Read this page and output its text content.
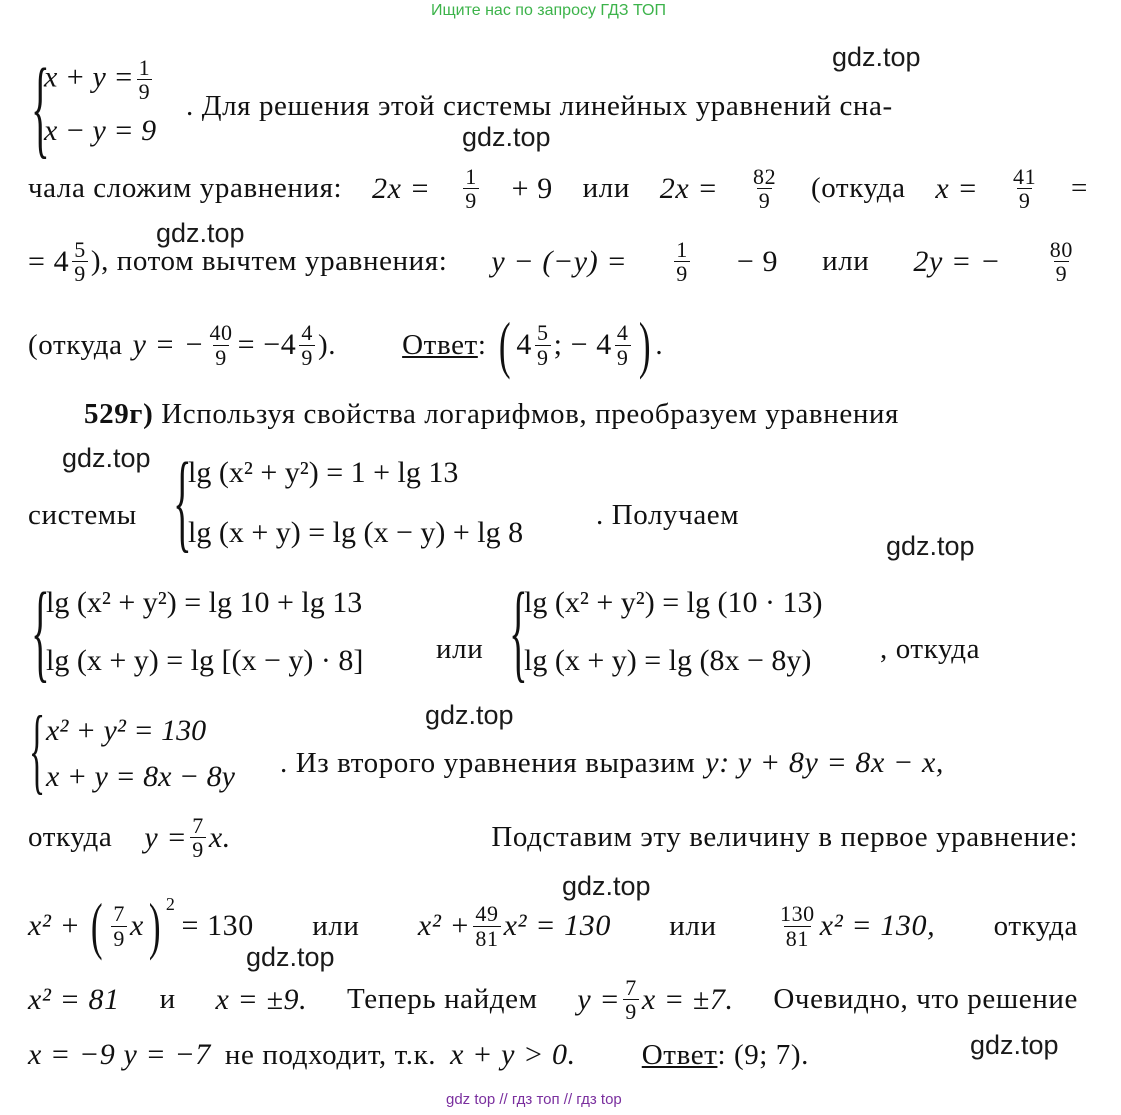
Ищите нас по запросу ГДЗ ТОП
{
$x + y = \frac{1}{9}$
x − y = 9
. Для решения этой системы линейных уравнений сна-
чала сложим уравнения: $2x = \frac{1}{9} + 9$ или $2x = \frac{82}{9}$ (откуда $x = \frac{41}{9}$ =
= $4 \frac{5}{9}$ ), потом вычтем уравнения: $y - (-y) = \frac{1}{9} - 9$ или 2y = − $\frac{80}{9}$
(откуда y = − $\frac{40}{9} = -4 \frac{4}{9}$ ). Ответ : ( $4 \frac{5}{9}$ ; − $4 \frac{4}{9}$ ) .
529г) Используя свойства логарифмов, преобразуем уравнения
системы {
lg (x² + y²) = 1 + lg 13
lg (x + y) = lg (x − y) + lg 8
. Получаем
{
lg (x² + y²) = lg 10 + lg 13
lg (x + y) = lg [(x − y) · 8]	или {
lg (x² + y²) = lg (10 · 13)
lg (x + y) = lg (8x − 8y) , откуда
{ x² + y² = 130
x + y = 8x − 8y . Из второго уравнения выразим y: y + 8y = 8x − x,
откуда $y = \frac{7}{9} x$.	Подставим эту величину в первое уравнение:
x² + ( $\frac{7}{9}$ x ) $^2$
= 130 или $x^2 + \frac{49}{81} x^2 = 130$ или	$\frac{130}{81} x^2 = 130$, откуда
x² = 81 и x = ±9. Теперь найдем $y = \frac{7}{9}$ x = ±7. Очевидно, что решение
x = −9 y = −7 не подходит, т.к. x + y > 0. Ответ: (9; 7).
gdz.top
gdz.top
gdz.top
gdz.top
gdz.top
gdz.top
gdz.top
gdz.top
gdz.top
gdz top // гдз топ // гдз top
